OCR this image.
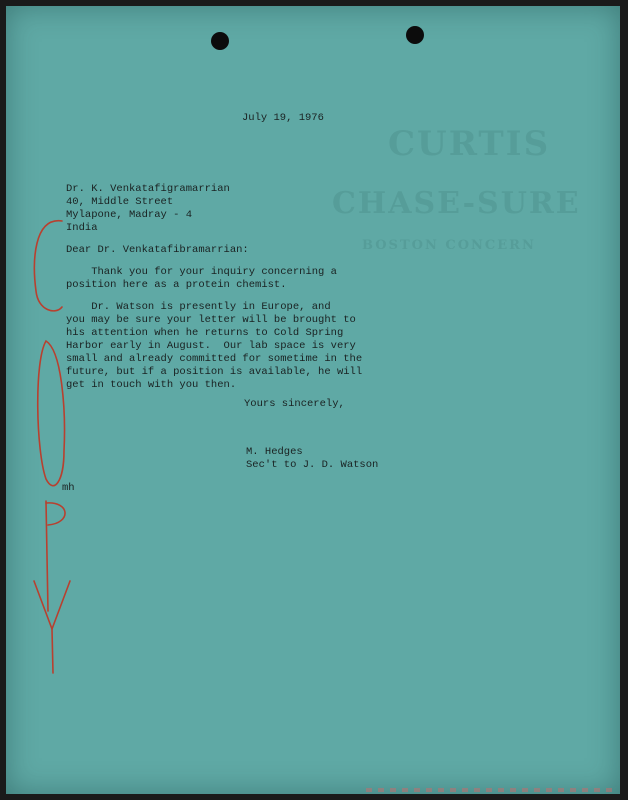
CURTIS
CHASE-SURE
BOSTON CONCERN
July 19, 1976
Dr. K. Venkatafigramarrian
40, Middle Street
Mylapone, Madray - 4
India
Dear Dr. Venkatafibramarrian:
Thank you for your inquiry concerning a
position here as a protein chemist.
Dr. Watson is presently in Europe, and
you may be sure your letter will be brought to
his attention when he returns to Cold Spring
Harbor early in August.  Our lab space is very
small and already committed for sometime in the
future, but if a position is available, he will
get in touch with you then.
Yours sincerely,
M. Hedges
Sec't to J. D. Watson
mh
